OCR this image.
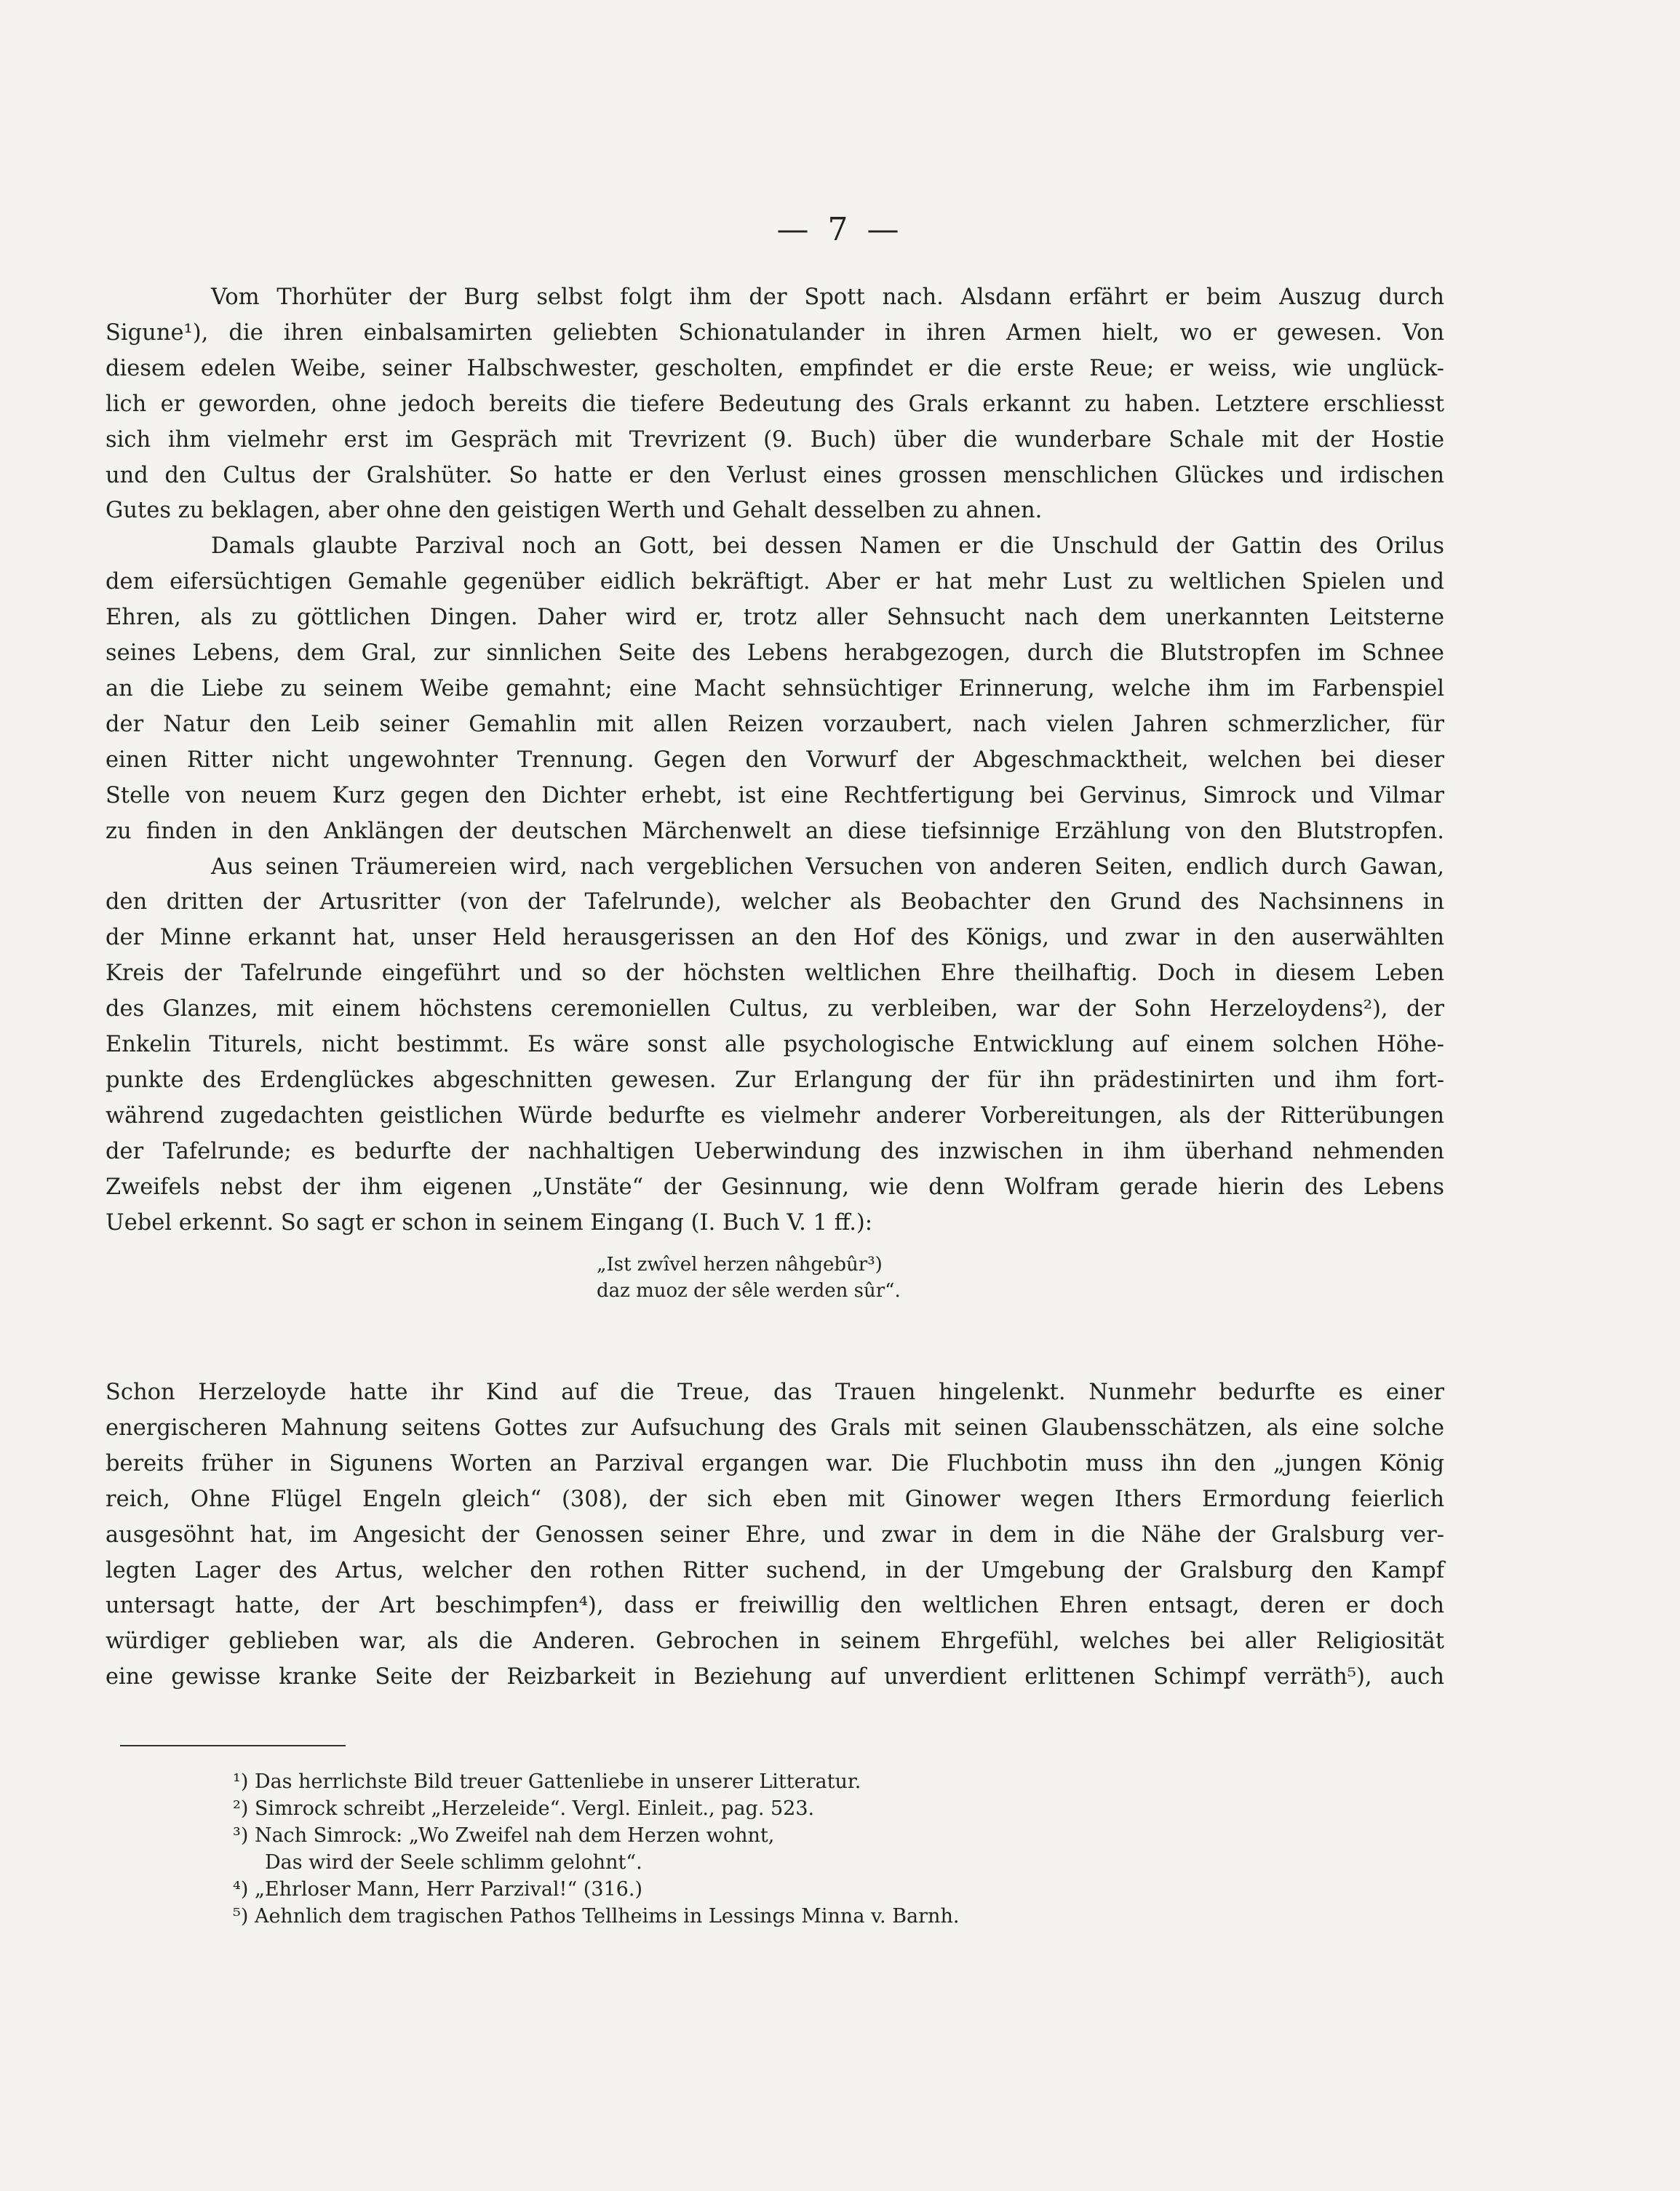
— 7 —
Vom Thorhüter der Burg selbst folgt ihm der Spott nach. Alsdann erfährt er beim Auszug durch
Sigune¹), die ihren einbalsamirten geliebten Schionatulander in ihren Armen hielt, wo er gewesen. Von
diesem edelen Weibe, seiner Halbschwester, gescholten, empfindet er die erste Reue; er weiss, wie unglück-
lich er geworden, ohne jedoch bereits die tiefere Bedeutung des Grals erkannt zu haben. Letztere erschliesst
sich ihm vielmehr erst im Gespräch mit Trevrizent (9. Buch) über die wunderbare Schale mit der Hostie
und den Cultus der Gralshüter. So hatte er den Verlust eines grossen menschlichen Glückes und irdischen
Gutes zu beklagen, aber ohne den geistigen Werth und Gehalt desselben zu ahnen.
Damals glaubte Parzival noch an Gott, bei dessen Namen er die Unschuld der Gattin des Orilus
dem eifersüchtigen Gemahle gegenüber eidlich bekräftigt. Aber er hat mehr Lust zu weltlichen Spielen und
Ehren, als zu göttlichen Dingen. Daher wird er, trotz aller Sehnsucht nach dem unerkannten Leitsterne
seines Lebens, dem Gral, zur sinnlichen Seite des Lebens herabgezogen, durch die Blutstropfen im Schnee
an die Liebe zu seinem Weibe gemahnt; eine Macht sehnsüchtiger Erinnerung, welche ihm im Farbenspiel
der Natur den Leib seiner Gemahlin mit allen Reizen vorzaubert, nach vielen Jahren schmerzlicher, für
einen Ritter nicht ungewohnter Trennung. Gegen den Vorwurf der Abgeschmacktheit, welchen bei dieser
Stelle von neuem Kurz gegen den Dichter erhebt, ist eine Rechtfertigung bei Gervinus, Simrock und Vilmar
zu finden in den Anklängen der deutschen Märchenwelt an diese tiefsinnige Erzählung von den Blutstropfen.
Aus seinen Träumereien wird, nach vergeblichen Versuchen von anderen Seiten, endlich durch Gawan,
den dritten der Artusritter (von der Tafelrunde), welcher als Beobachter den Grund des Nachsinnens in
der Minne erkannt hat, unser Held herausgerissen an den Hof des Königs, und zwar in den auserwählten
Kreis der Tafelrunde eingeführt und so der höchsten weltlichen Ehre theilhaftig. Doch in diesem Leben
des Glanzes, mit einem höchstens ceremoniellen Cultus, zu verbleiben, war der Sohn Herzeloydens²), der
Enkelin Titurels, nicht bestimmt. Es wäre sonst alle psychologische Entwicklung auf einem solchen Höhe-
punkte des Erdenglückes abgeschnitten gewesen. Zur Erlangung der für ihn prädestinirten und ihm fort-
während zugedachten geistlichen Würde bedurfte es vielmehr anderer Vorbereitungen, als der Ritterübungen
der Tafelrunde; es bedurfte der nachhaltigen Ueberwindung des inzwischen in ihm überhand nehmenden
Zweifels nebst der ihm eigenen „Unstäte“ der Gesinnung, wie denn Wolfram gerade hierin des Lebens
Uebel erkennt. So sagt er schon in seinem Eingang (I. Buch V. 1 ff.):
„Ist zwîvel herzen nâhgebûr³)
daz muoz der sêle werden sûr“.
Schon Herzeloyde hatte ihr Kind auf die Treue, das Trauen hingelenkt. Nunmehr bedurfte es einer
energischeren Mahnung seitens Gottes zur Aufsuchung des Grals mit seinen Glaubensschätzen, als eine solche
bereits früher in Sigunens Worten an Parzival ergangen war. Die Fluchbotin muss ihn den „jungen König
reich, Ohne Flügel Engeln gleich“ (308), der sich eben mit Ginower wegen Ithers Ermordung feierlich
ausgesöhnt hat, im Angesicht der Genossen seiner Ehre, und zwar in dem in die Nähe der Gralsburg ver-
legten Lager des Artus, welcher den rothen Ritter suchend, in der Umgebung der Gralsburg den Kampf
untersagt hatte, der Art beschimpfen⁴), dass er freiwillig den weltlichen Ehren entsagt, deren er doch
würdiger geblieben war, als die Anderen. Gebrochen in seinem Ehrgefühl, welches bei aller Religiosität
eine gewisse kranke Seite der Reizbarkeit in Beziehung auf unverdient erlittenen Schimpf verräth⁵), auch
¹) Das herrlichste Bild treuer Gattenliebe in unserer Litteratur.
²) Simrock schreibt „Herzeleide“. Vergl. Einleit., pag. 523.
³) Nach Simrock: „Wo Zweifel nah dem Herzen wohnt,
Das wird der Seele schlimm gelohnt“.
⁴) „Ehrloser Mann, Herr Parzival!“ (316.)
⁵) Aehnlich dem tragischen Pathos Tellheims in Lessings Minna v. Barnh.
